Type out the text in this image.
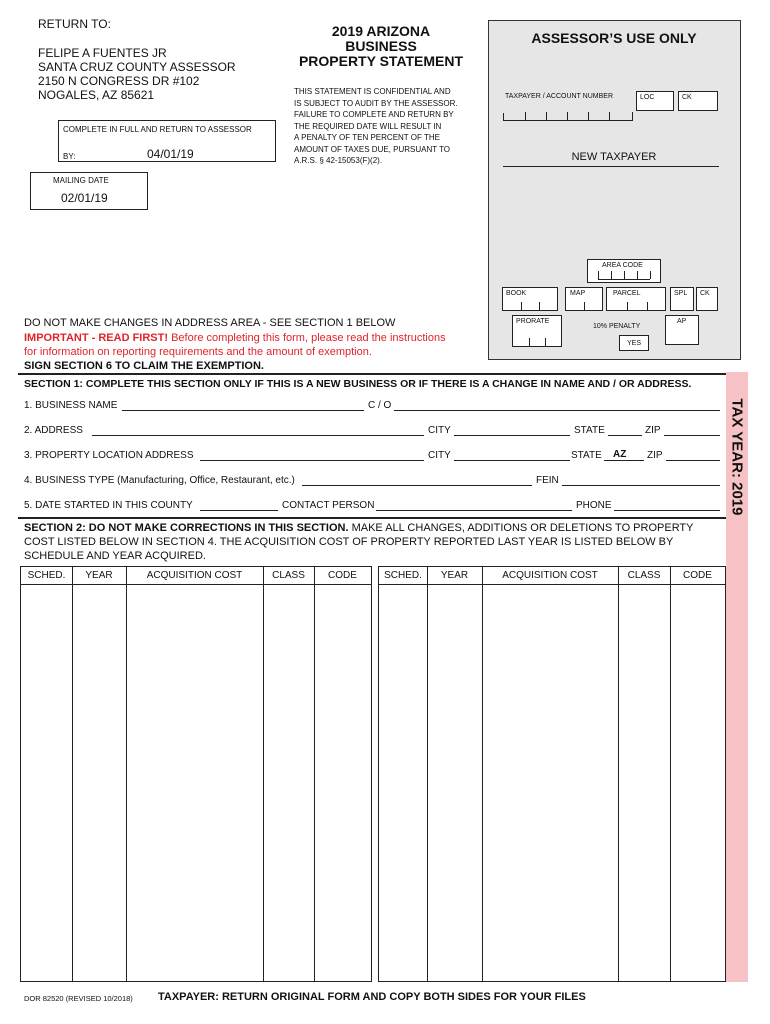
RETURN TO:
FELIPE A FUENTES JR
SANTA CRUZ COUNTY ASSESSOR
2150 N CONGRESS DR #102
NOGALES, AZ 85621
COMPLETE IN FULL AND RETURN TO ASSESSOR
BY:	04/01/19
MAILING DATE
02/01/19
2019 ARIZONA
BUSINESS
PROPERTY STATEMENT
THIS STATEMENT IS CONFIDENTIAL AND
IS SUBJECT TO AUDIT BY THE ASSESSOR.
FAILURE TO COMPLETE AND RETURN BY
THE REQUIRED DATE WILL RESULT IN
A PENALTY OF TEN PERCENT OF THE
AMOUNT OF TAXES DUE, PURSUANT TO
A.R.S. § 42-15053(F)(2).
ASSESSOR’S USE ONLY
TAXPAYER / ACCOUNT NUMBER	LOC	CK
NEW TAXPAYER
AREA CODE
BOOK	MAP	PARCEL	SPL CK
PRORATE
10% PENALTY
YES
AP
DO NOT MAKE CHANGES IN ADDRESS AREA - SEE SECTION 1 BELOW
IMPORTANT - READ FIRST! Before completing this form, please read the instructions
for information on reporting requirements and the amount of exemption.
SIGN SECTION 6 TO CLAIM THE EXEMPTION.
TAX YEAR: 2019
SECTION 1: COMPLETE THIS SECTION ONLY IF THIS IS A NEW BUSINESS OR IF THERE IS A CHANGE IN NAME AND / OR ADDRESS.
1. BUSINESS NAME	C / O
2. ADDRESS	CITY	STATE	ZIP
3. PROPERTY LOCATION ADDRESS	CITY	STATE AZ ZIP
4. BUSINESS TYPE (Manufacturing, Office, Restaurant, etc.)	FEIN
5. DATE STARTED IN THIS COUNTY	CONTACT PERSON	PHONE
SECTION 2: DO NOT MAKE CORRECTIONS IN THIS SECTION. MAKE ALL CHANGES, ADDITIONS OR DELETIONS TO PROPERTY
COST LISTED BELOW IN SECTION 4. THE ACQUISITION COST OF PROPERTY REPORTED LAST YEAR IS LISTED BELOW BY
SCHEDULE AND YEAR ACQUIRED.
SCHED.	YEAR	ACQUISITION COST	CLASS	CODE	SCHED.	YEAR	ACQUISITION COST	CLASS	CODE
DOR 82520 (REVISED 10/2018) TAXPAYER: RETURN ORIGINAL FORM AND COPY BOTH SIDES FOR YOUR FILES
